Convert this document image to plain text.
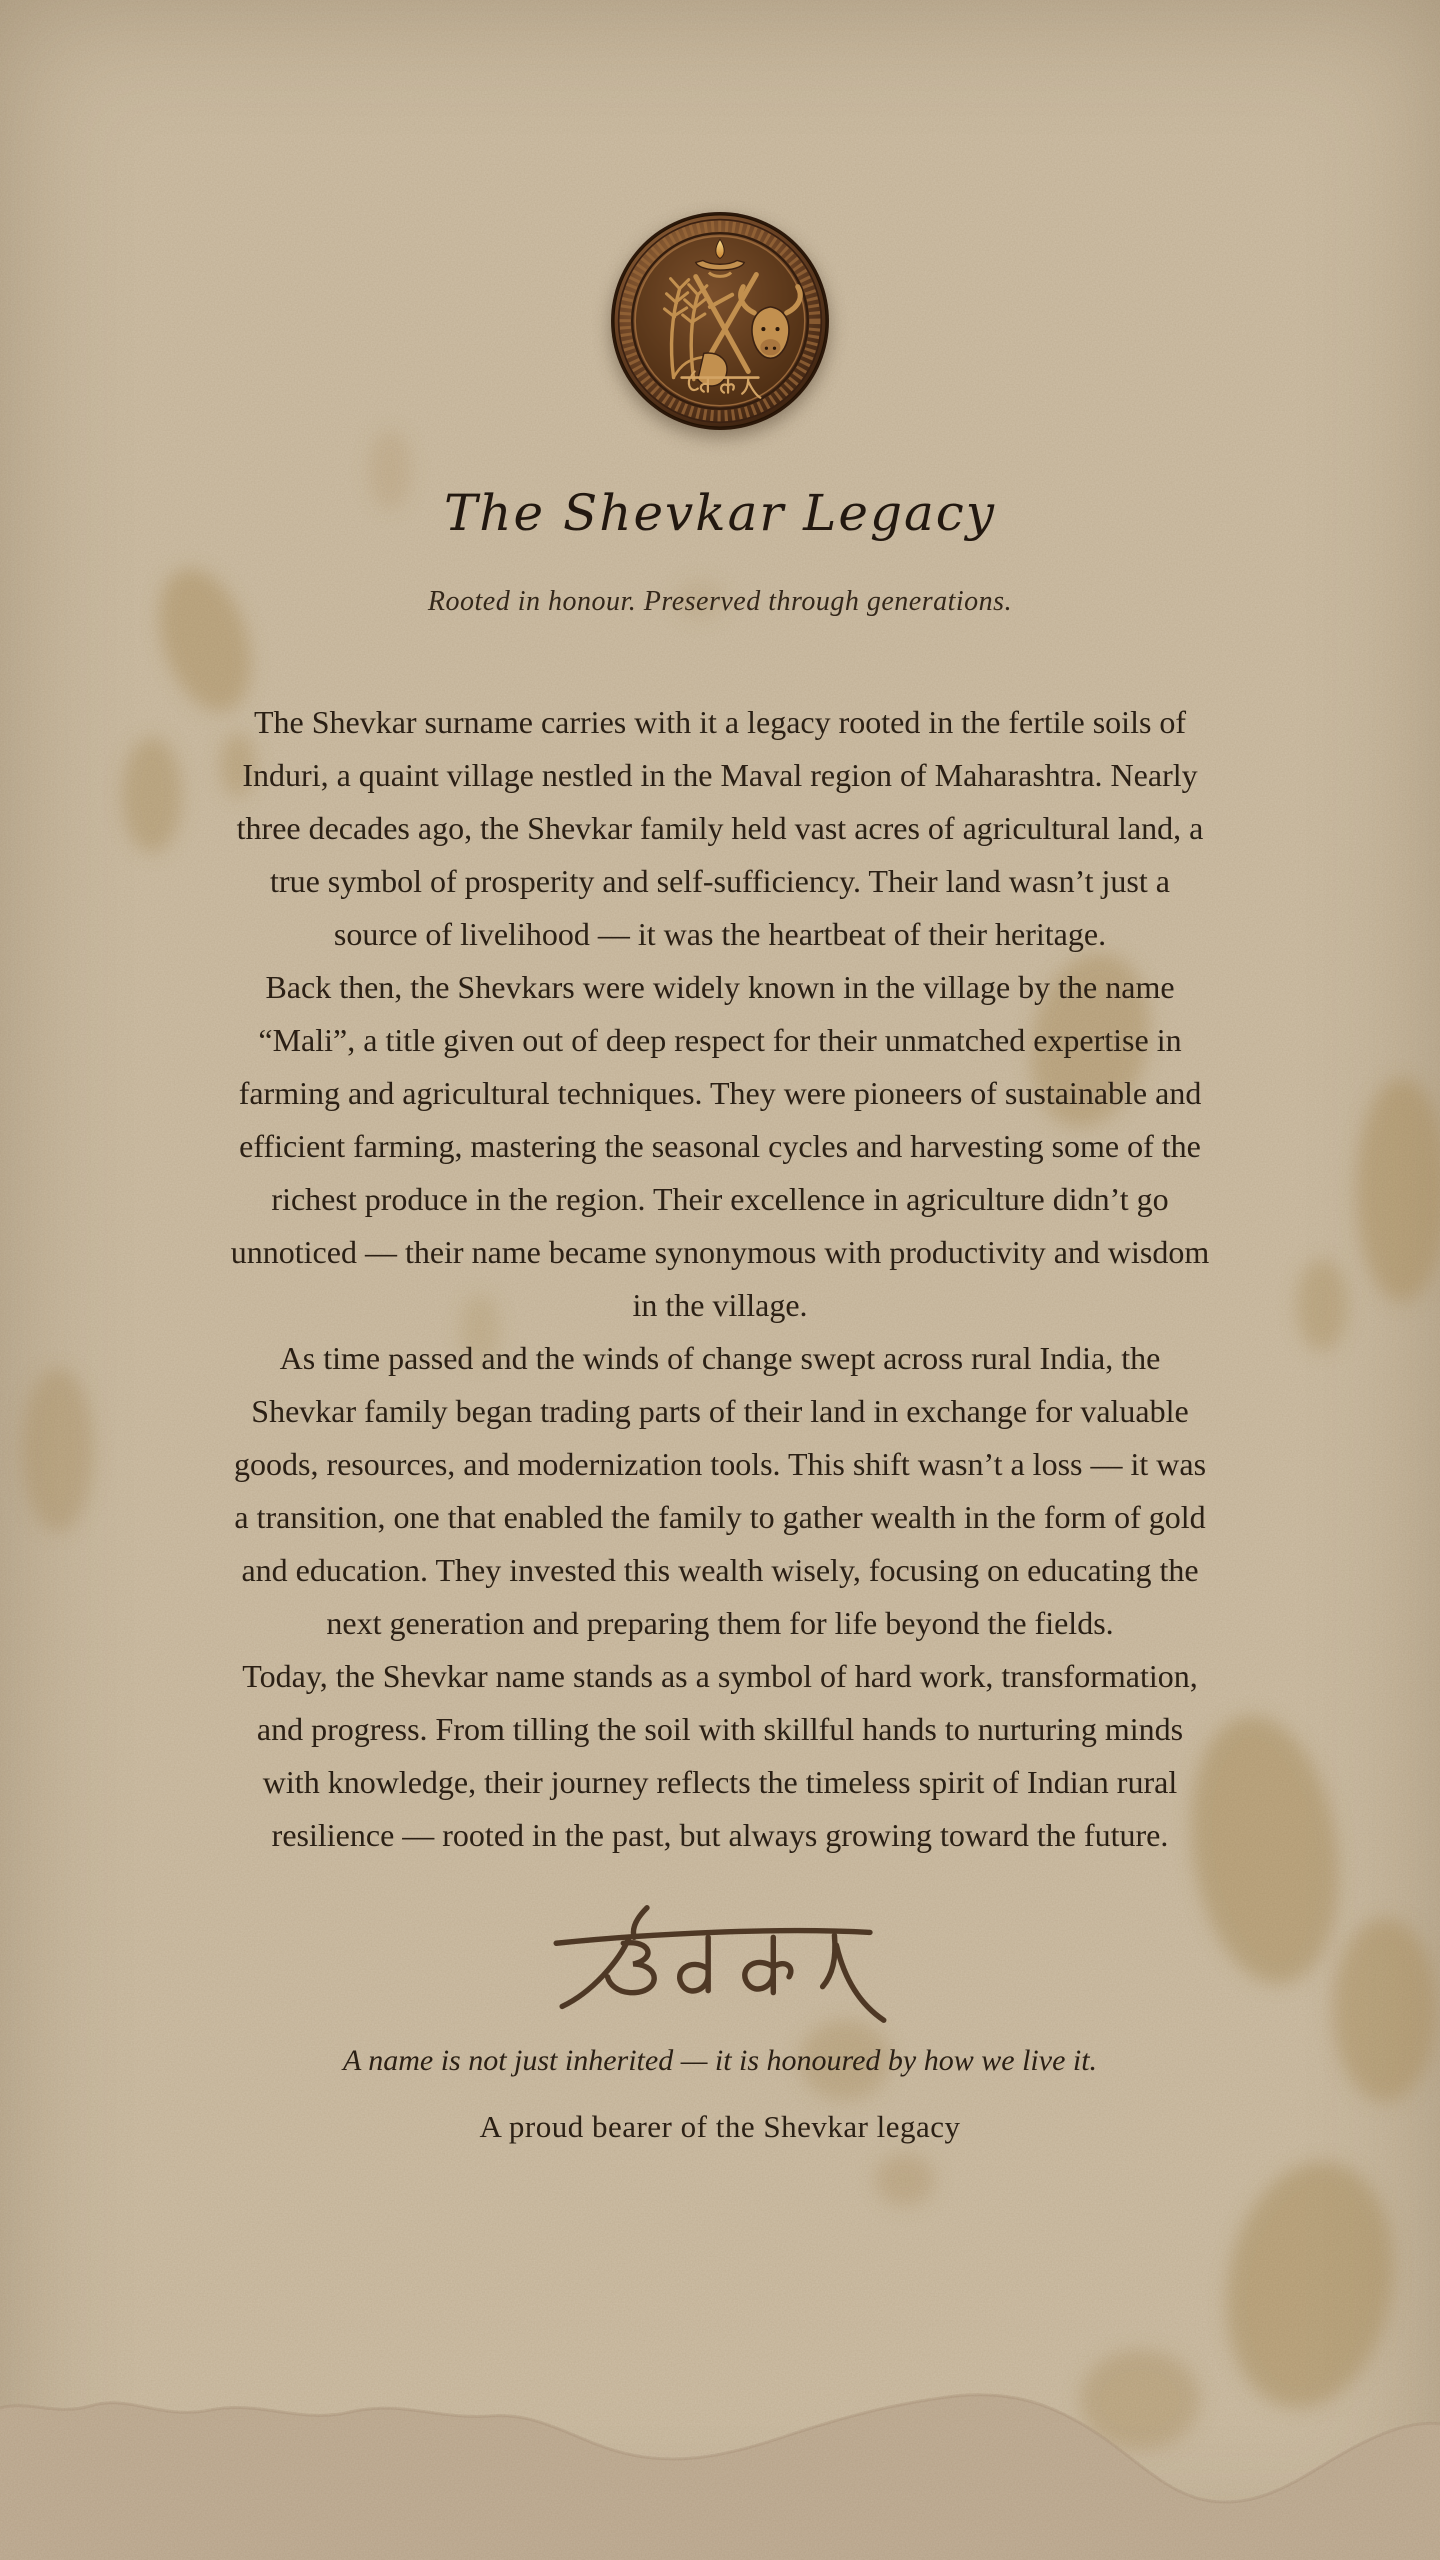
The Shevkar Legacy
Rooted in honour. Preserved through generations.

The Shevkar surname carries with it a legacy rooted in the fertile soils of Induri, a quaint village nestled in the Maval region of Maharashtra. Nearly three decades ago, the Shevkar family held vast acres of agricultural land, a true symbol of prosperity and self-sufficiency. Their land wasn’t just a source of livelihood — it was the heartbeat of their heritage.

Back then, the Shevkars were widely known in the village by the name “Mali”, a title given out of deep respect for their unmatched expertise in farming and agricultural techniques. They were pioneers of sustainable and efficient farming, mastering the seasonal cycles and harvesting some of the richest produce in the region. Their excellence in agriculture didn’t go unnoticed — their name became synonymous with productivity and wisdom in the village.

As time passed and the winds of change swept across rural India, the Shevkar family began trading parts of their land in exchange for valuable goods, resources, and modernization tools. This shift wasn’t a loss — it was a transition, one that enabled the family to gather wealth in the form of gold and education. They invested this wealth wisely, focusing on educating the next generation and preparing them for life beyond the fields.

Today, the Shevkar name stands as a symbol of hard work, transformation, and progress. From tilling the soil with skillful hands to nurturing minds with knowledge, their journey reflects the timeless spirit of Indian rural resilience — rooted in the past, but always growing toward the future.

A name is not just inherited — it is honoured by how we live it.
A proud bearer of the Shevkar legacy
